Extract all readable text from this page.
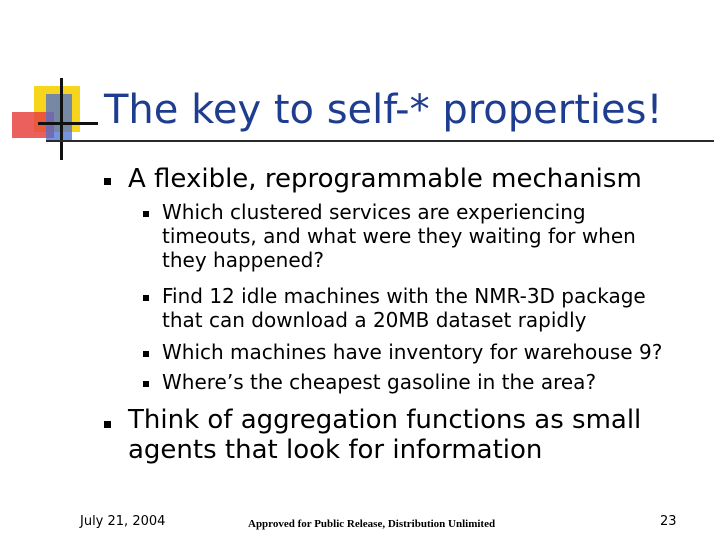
The key to self-* properties!
A flexible, reprogrammable mechanism
Which clustered services are experiencing
timeouts, and what were they waiting for when
they happened?
Find 12 idle machines with the NMR-3D package
that can download a 20MB dataset rapidly
Which machines have inventory for warehouse 9?
Where’s the cheapest gasoline in the area?
Think of aggregation functions as small
agents that look for information
July 21, 2004	Approved for Public Release, Distribution Unlimited	23
